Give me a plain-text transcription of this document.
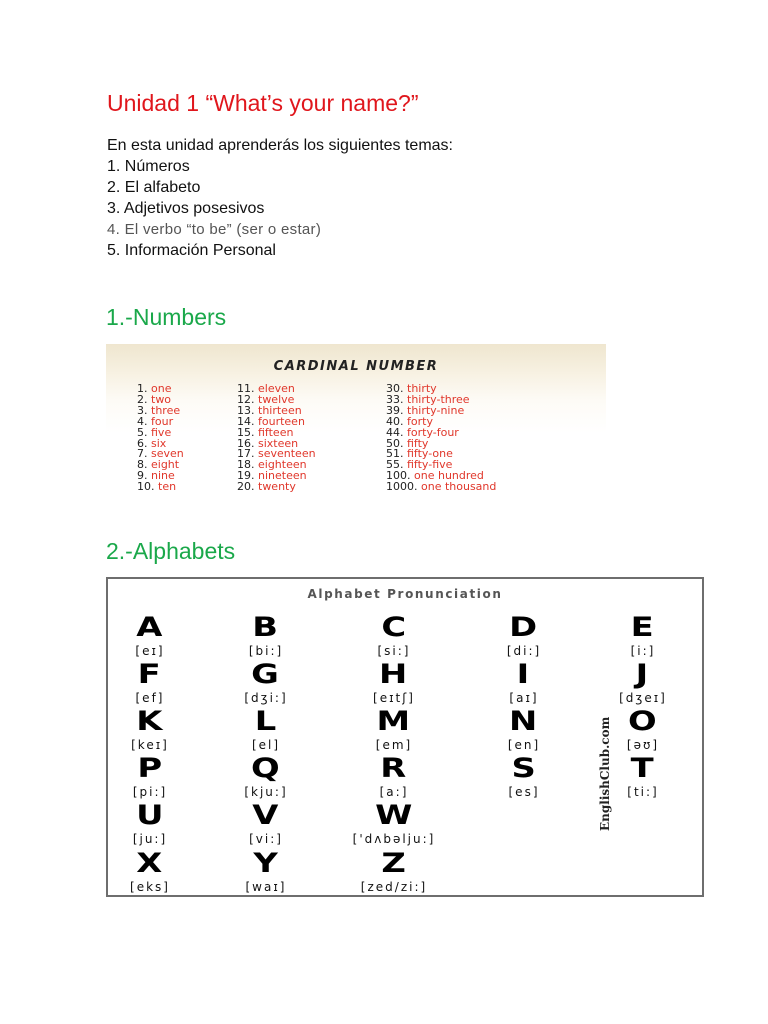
Unidad 1 “What’s your name?”
En esta unidad aprenderás los siguientes temas:
1. Números
2. El alfabeto
3. Adjetivos posesivos
4. El verbo “to be” (ser o estar)
5. Información Personal
1.-Numbers
CARDINAL NUMBER
1. one
2. two
3. three
4. four
5. five
6. six
7. seven
8. eight
9. nine
10. ten
11. eleven
12. twelve
13. thirteen
14. fourteen
15. fifteen
16. sixteen
17. seventeen
18. eighteen
19. nineteen
20. twenty
30. thirty
33. thirty-three
39. thirty-nine
40. forty
44. forty-four
50. fifty
51. fifty-one
55. fifty-five
100. one hundred
1000. one thousand
2.-Alphabets
Alphabet Pronunciation
EnglishClub.com
A
[eɪ]
B
[bi:]
C
[si:]
D
[di:]
E
[i:]
F
[ef]
G
[dʒi:]
H
[eɪtʃ]
I
[aɪ]
J
[dʒeɪ]
K
[keɪ]
L
[el]
M
[em]
N
[en]
O
[əʊ]
P
[pi:]
Q
[kju:]
R
[a:]
S
[es]
T
[ti:]
U
[ju:]
V
[vi:]
W
['dʌbəlju:]
X
[eks]
Y
[waɪ]
Z
[zed/zi:]
